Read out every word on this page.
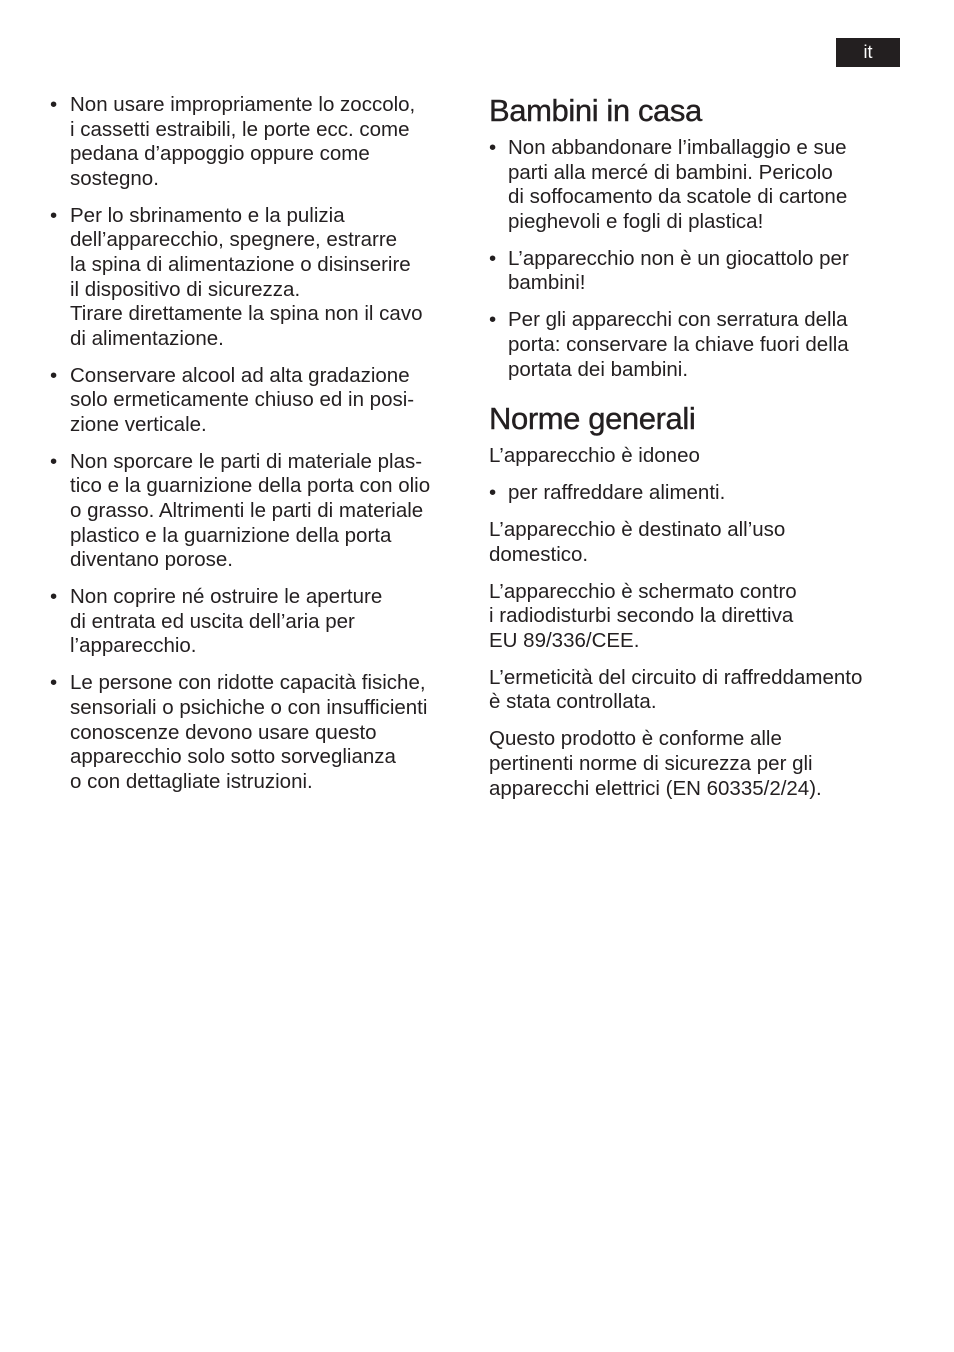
it
• Non usare impropriamente lo zoccolo,
i cassetti estraibili, le porte ecc. come
pedana d’appoggio oppure come
sostegno.
• Per lo sbrinamento e la pulizia
dell’apparecchio, spegnere, estrarre
la spina di alimentazione o disinserire
il dispositivo di sicurezza.
Tirare direttamente la spina non il cavo
di alimentazione.
• Conservare alcool ad alta gradazione
solo ermeticamente chiuso ed in posi-
zione verticale.
• Non sporcare le parti di materiale plas-
tico e la guarnizione della porta con olio
o grasso. Altrimenti le parti di materiale
plastico e la guarnizione della porta
diventano porose.
• Non coprire né ostruire le aperture
di entrata ed uscita dell’aria per
l’apparecchio.
• Le persone con ridotte capacità fisiche,
sensoriali o psichiche o con insufficienti
conoscenze devono usare questo
apparecchio solo sotto sorveglianza
o con dettagliate istruzioni.
Bambini in casa
• Non abbandonare l’imballaggio e sue
parti alla mercé di bambini. Pericolo
di soffocamento da scatole di cartone
pieghevoli e fogli di plastica!
• L’apparecchio non è un giocattolo per
bambini!
• Per gli apparecchi con serratura della
porta: conservare la chiave fuori della
portata dei bambini.
Norme generali

L’apparecchio è idoneo

• per raffreddare alimenti.

L’apparecchio è destinato all’uso
domestico.

L’apparecchio è schermato contro
i radiodisturbi secondo la direttiva
EU 89/336/CEE.

L’ermeticità del circuito di raffreddamento
è stata controllata.

Questo prodotto è conforme alle
pertinenti norme di sicurezza per gli
apparecchi elettrici (EN 60335/2/24).
